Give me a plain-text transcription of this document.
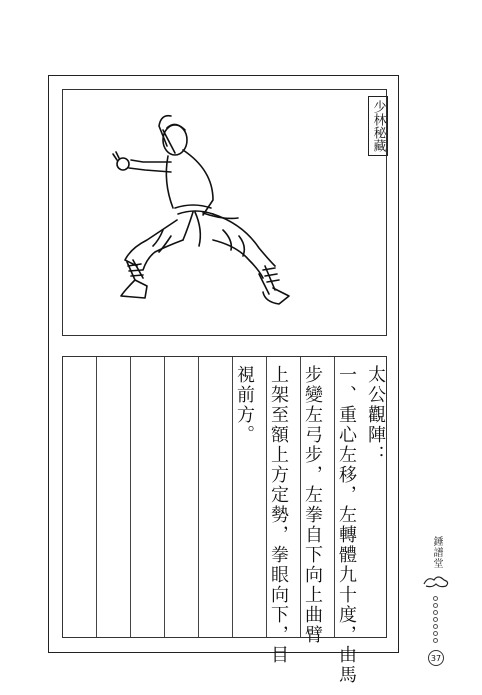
少林秘藏
太公觀陣：
一、重心左移，左轉體九十度，由馬
步變左弓步，左拳自下向上曲臂
上架至額上方定勢，拳眼向下，目
視前方。
錘譜堂
37
